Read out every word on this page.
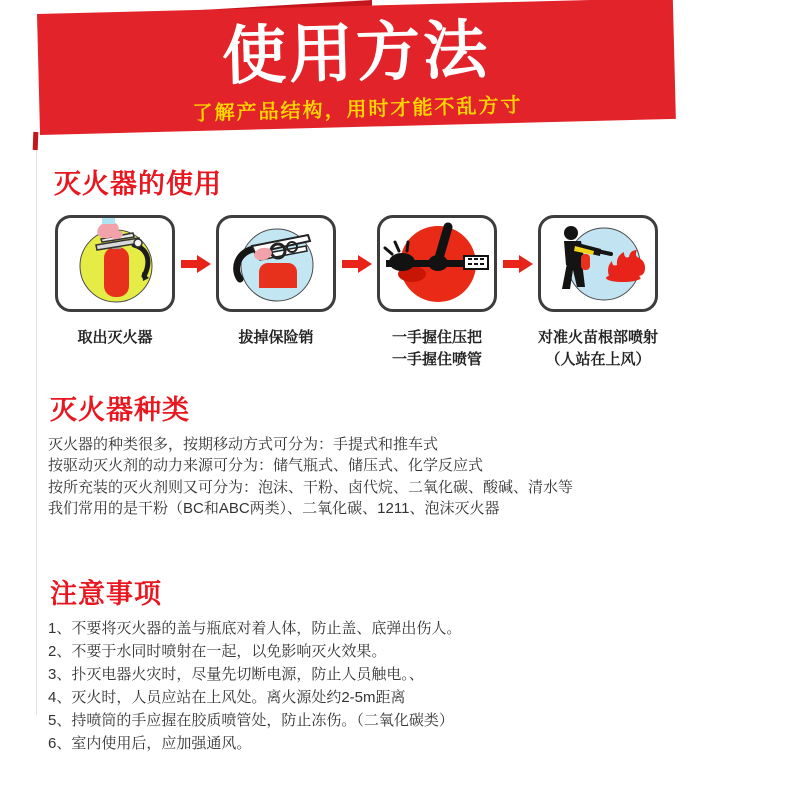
使用方法
了解产品结构，用时才能不乱方寸
灭火器的使用
取出灭火器	拔掉保险销	一手握住压把
一手握住喷管
对准火苗根部喷射
（人站在上风）
灭火器种类
灭火器的种类很多，按期移动方式可分为：手提式和推车式
按驱动灭火剂的动力来源可分为：储气瓶式、储压式、化学反应式
按所充装的灭火剂则又可分为：泡沫、干粉、卤代烷、二氧化碳、酸碱、清水等
我们常用的是干粉（BC和ABC两类）、二氧化碳、1211、泡沫灭火器
注意事项
1、不要将灭火器的盖与瓶底对着人体，防止盖、底弹出伤人。
2、不要于水同时喷射在一起，以免影响灭火效果。
3、扑灭电器火灾时，尽量先切断电源，防止人员触电。、
4、灭火时，人员应站在上风处。离火源处约2-5m距离
5、持喷筒的手应握在胶质喷管处，防止冻伤。（二氧化碳类）
6、室内使用后，应加强通风。
